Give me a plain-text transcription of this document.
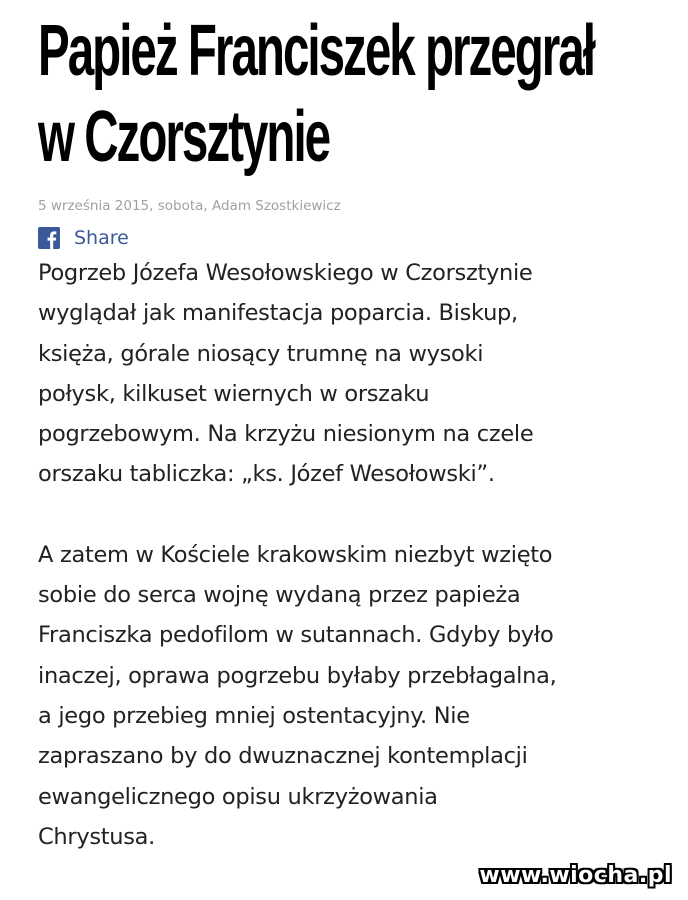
Papież Franciszek przegrał
w Czorsztynie
5 września 2015, sobota, Adam Szostkiewicz
Share

Pogrzeb Józefa Wesołowskiego w Czorsztynie
wyglądał jak manifestacja poparcia. Biskup,
księża, górale niosący trumnę na wysoki
połysk, kilkuset wiernych w orszaku
pogrzebowym. Na krzyżu niesionym na czele
orszaku tabliczka: „ks. Józef Wesołowski”.

A zatem w Kościele krakowskim niezbyt wzięto
sobie do serca wojnę wydaną przez papieża
Franciszka pedofilom w sutannach. Gdyby było
inaczej, oprawa pogrzebu byłaby przebłagalna,
a jego przebieg mniej ostentacyjny. Nie
zapraszano by do dwuznacznej kontemplacji
ewangelicznego opisu ukrzyżowania
Chrystusa.

www.wiocha.pl
